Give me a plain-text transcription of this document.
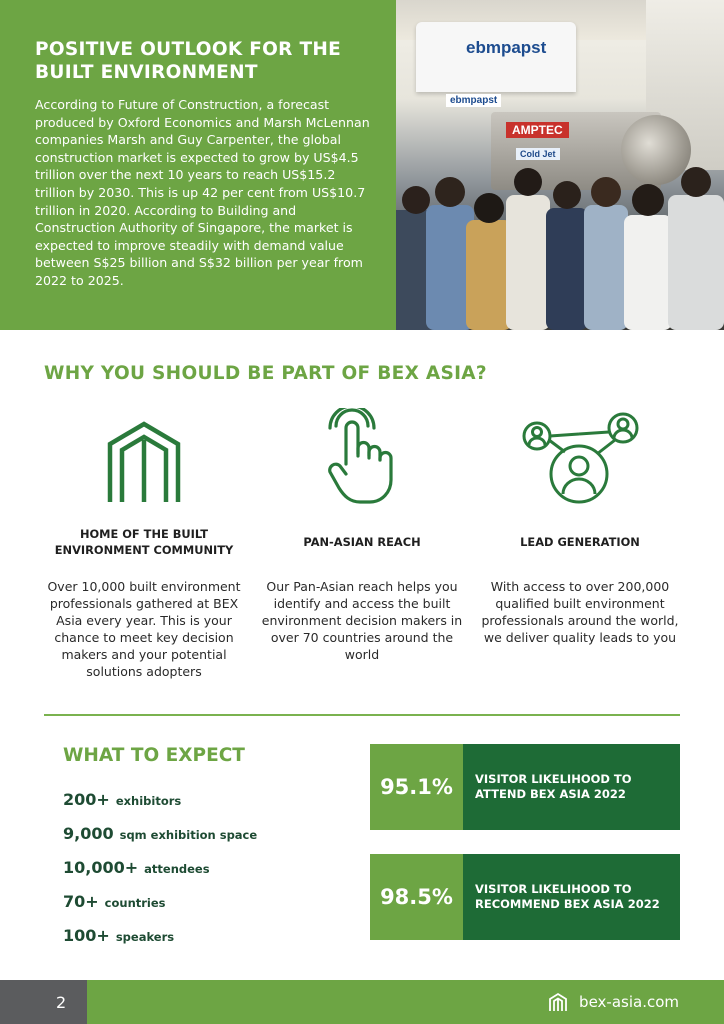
POSITIVE OUTLOOK FOR THE BUILT ENVIRONMENT

According to Future of Construction, a forecast produced by Oxford Economics and Marsh McLennan companies Marsh and Guy Carpenter, the global construction market is expected to grow by US$4.5 trillion over the next 10 years to reach US$15.2 trillion by 2030. This is up 42 per cent from US$10.7 trillion in 2020. According to Building and Construction Authority of Singapore, the market is expected to improve steadily with demand value between S$25 billion and S$32 billion per year from 2022 to 2025.

ebmpapst
ebmpapst
AMPTEC
Cold Jet
WHY YOU SHOULD BE PART OF BEX ASIA?
HOME OF THE BUILT ENVIRONMENT COMMUNITY

Over 10,000 built environment professionals gathered at BEX Asia every year. This is your chance to meet key decision makers and your potential solutions adopters

PAN-ASIAN REACH

Our Pan-Asian reach helps you identify and access the built environment decision makers in over 70 countries around the world

LEAD GENERATION

With access to over 200,000 qualified built environment professionals around the world, we deliver quality leads to you

WHAT TO EXPECT
200+ exhibitors
9,000 sqm exhibition space
10,000+ attendees
70+ countries
100+ speakers
95.1%	VISITOR LIKELIHOOD TO ATTEND BEX ASIA 2022
98.5%	VISITOR LIKELIHOOD TO RECOMMEND BEX ASIA 2022
2	bex-asia.com
